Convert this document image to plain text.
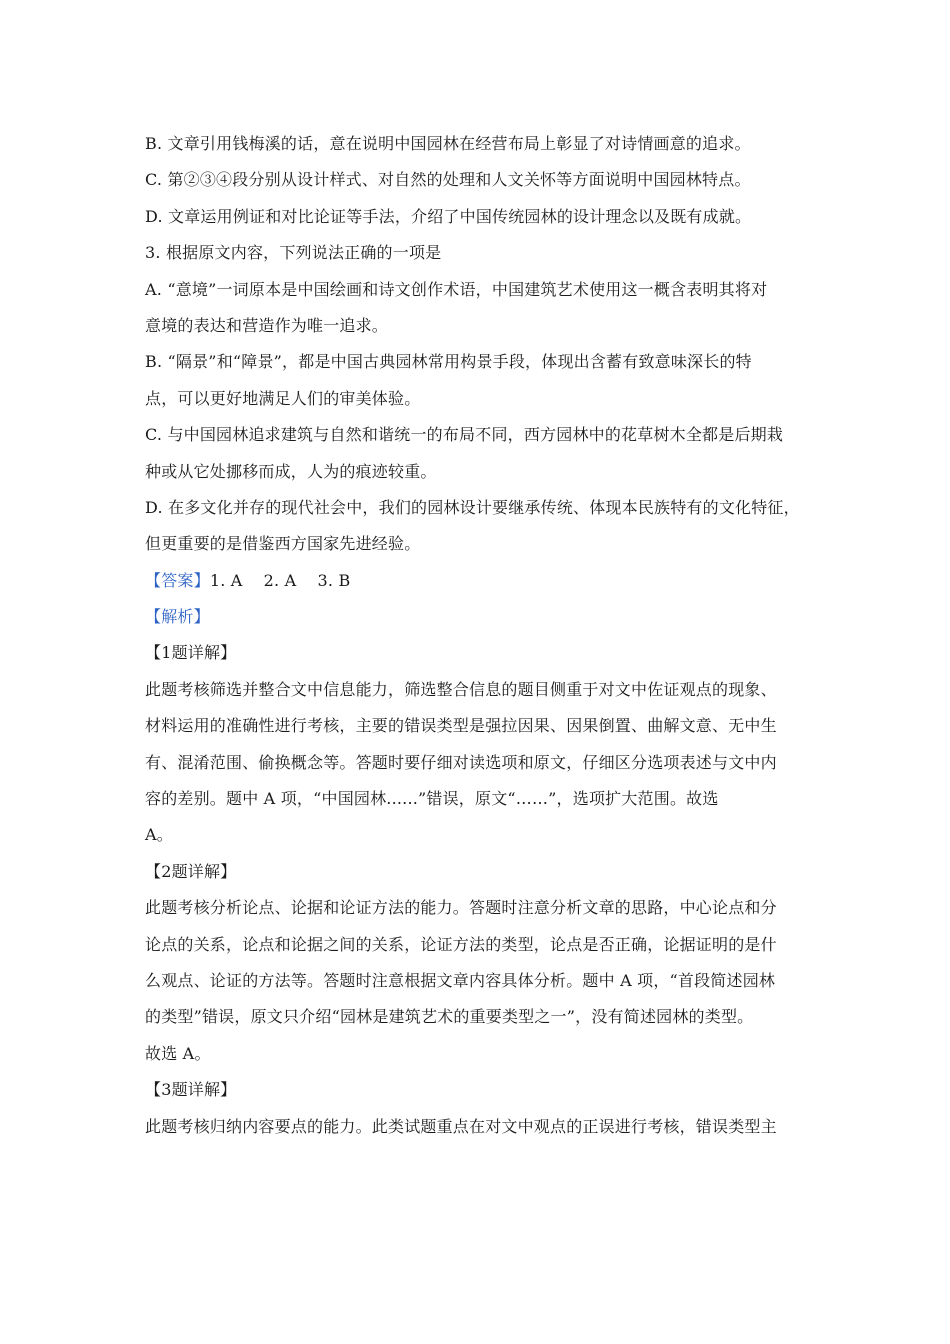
B. 文章引用钱梅溪的话，意在说明中国园林在经营布局上彰显了对诗情画意的追求。
C. 第②③④段分别从设计样式、对自然的处理和人文关怀等方面说明中国园林特点。
D. 文章运用例证和对比论证等手法，介绍了中国传统园林的设计理念以及既有成就。
3. 根据原文内容，下列说法正确的一项是
A. “意境”一词原本是中国绘画和诗文创作术语，中国建筑艺术使用这一概含表明其将对
意境的表达和营造作为唯一追求。
B. “隔景”和“障景”，都是中国古典园林常用构景手段，体现出含蓄有致意味深长的特
点，可以更好地满足人们的审美体验。
C. 与中国园林追求建筑与自然和谐统一的布局不同，西方园林中的花草树木全都是后期栽
种或从它处挪移而成，人为的痕迹较重。
D. 在多文化并存的现代社会中，我们的园林设计要继承传统、体现本民族特有的文化特征，
但更重要的是借鉴西方国家先进经验。
【答案】1. A    2. A    3. B
【解析】
【1题详解】
此题考核筛选并整合文中信息能力，筛选整合信息的题目侧重于对文中佐证观点的现象、
材料运用的准确性进行考核，主要的错误类型是强拉因果、因果倒置、曲解文意、无中生
有、混淆范围、偷换概念等。答题时要仔细对读选项和原文，仔细区分选项表述与文中内
容的差别。题中 A 项，“中国园林......”错误，原文“……”，选项扩大范围。故选
A。
【2题详解】
此题考核分析论点、论据和论证方法的能力。答题时注意分析文章的思路，中心论点和分
论点的关系，论点和论据之间的关系，论证方法的类型，论点是否正确，论据证明的是什
么观点、论证的方法等。答题时注意根据文章内容具体分析。题中 A 项，“首段简述园林
的类型”错误，原文只介绍“园林是建筑艺术的重要类型之一”，没有简述园林的类型。
故选 A。
【3题详解】
此题考核归纳内容要点的能力。此类试题重点在对文中观点的正误进行考核，错误类型主
